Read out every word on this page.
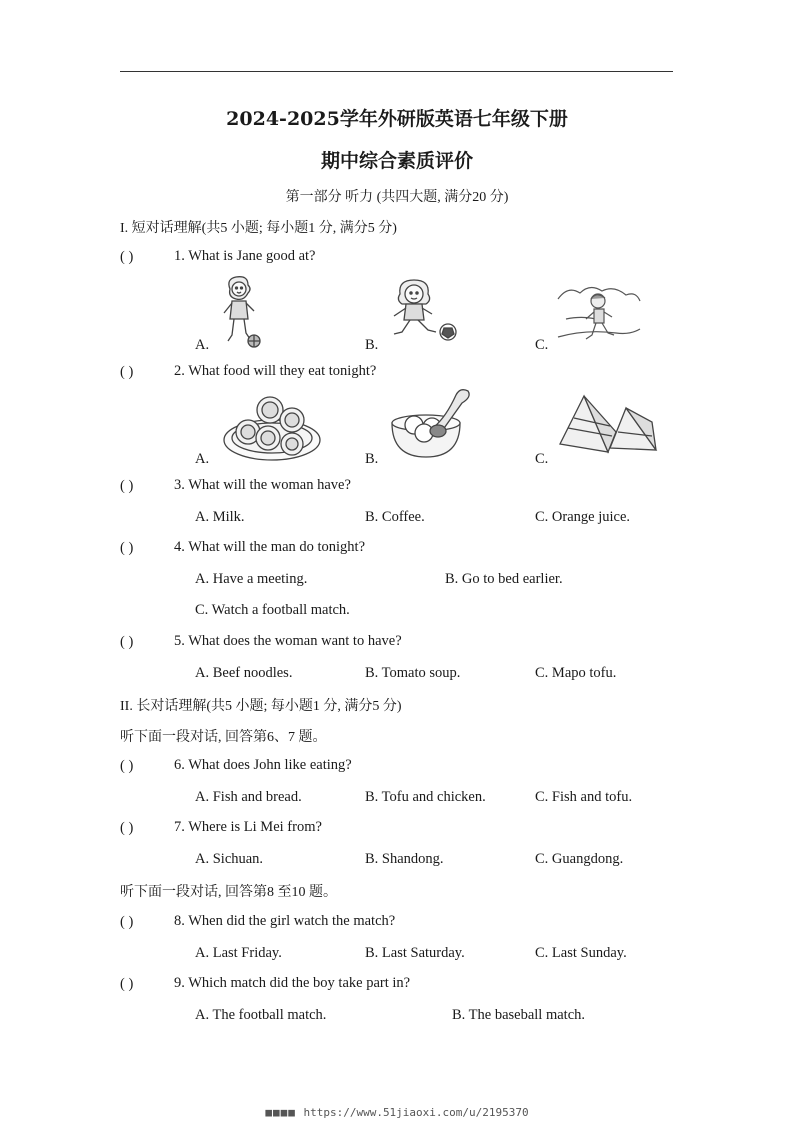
2024-2025学年外研版英语七年级下册
期中综合素质评价
第一部分 听力 (共四大题, 满分20 分)
I. 短对话理解(共5 小题; 每小题1 分, 满分5 分)
( )	1. What is Jane good at?
A.	B.	C.
( )	2. What food will they eat tonight?
A.	B.	C.
( )	3. What will the woman have?
A. Milk.	B. Coffee.	C. Orange juice.
( )	4. What will the man do tonight?
A. Have a meeting.	B. Go to bed earlier.
C. Watch a football match.
( )	5. What does the woman want to have?
A. Beef noodles.	B. Tomato soup.	C. Mapo tofu.
II. 长对话理解(共5 小题; 每小题1 分, 满分5 分)
听下面一段对话, 回答第6、7 题。
( )	6. What does John like eating?
A. Fish and bread.	B. Tofu and chicken.	C. Fish and tofu.
( )	7. Where is Li Mei from?
A. Sichuan.	B. Shandong.	C. Guangdong.
听下面一段对话, 回答第8 至10 题。
( )	8. When did the girl watch the match?
A. Last Friday.	B. Last Saturday.	C. Last Sunday.
( )	9. Which match did the boy take part in?
A. The football match.	B. The baseball match.
■■■■ https://www.51jiaoxi.com/u/2195370
